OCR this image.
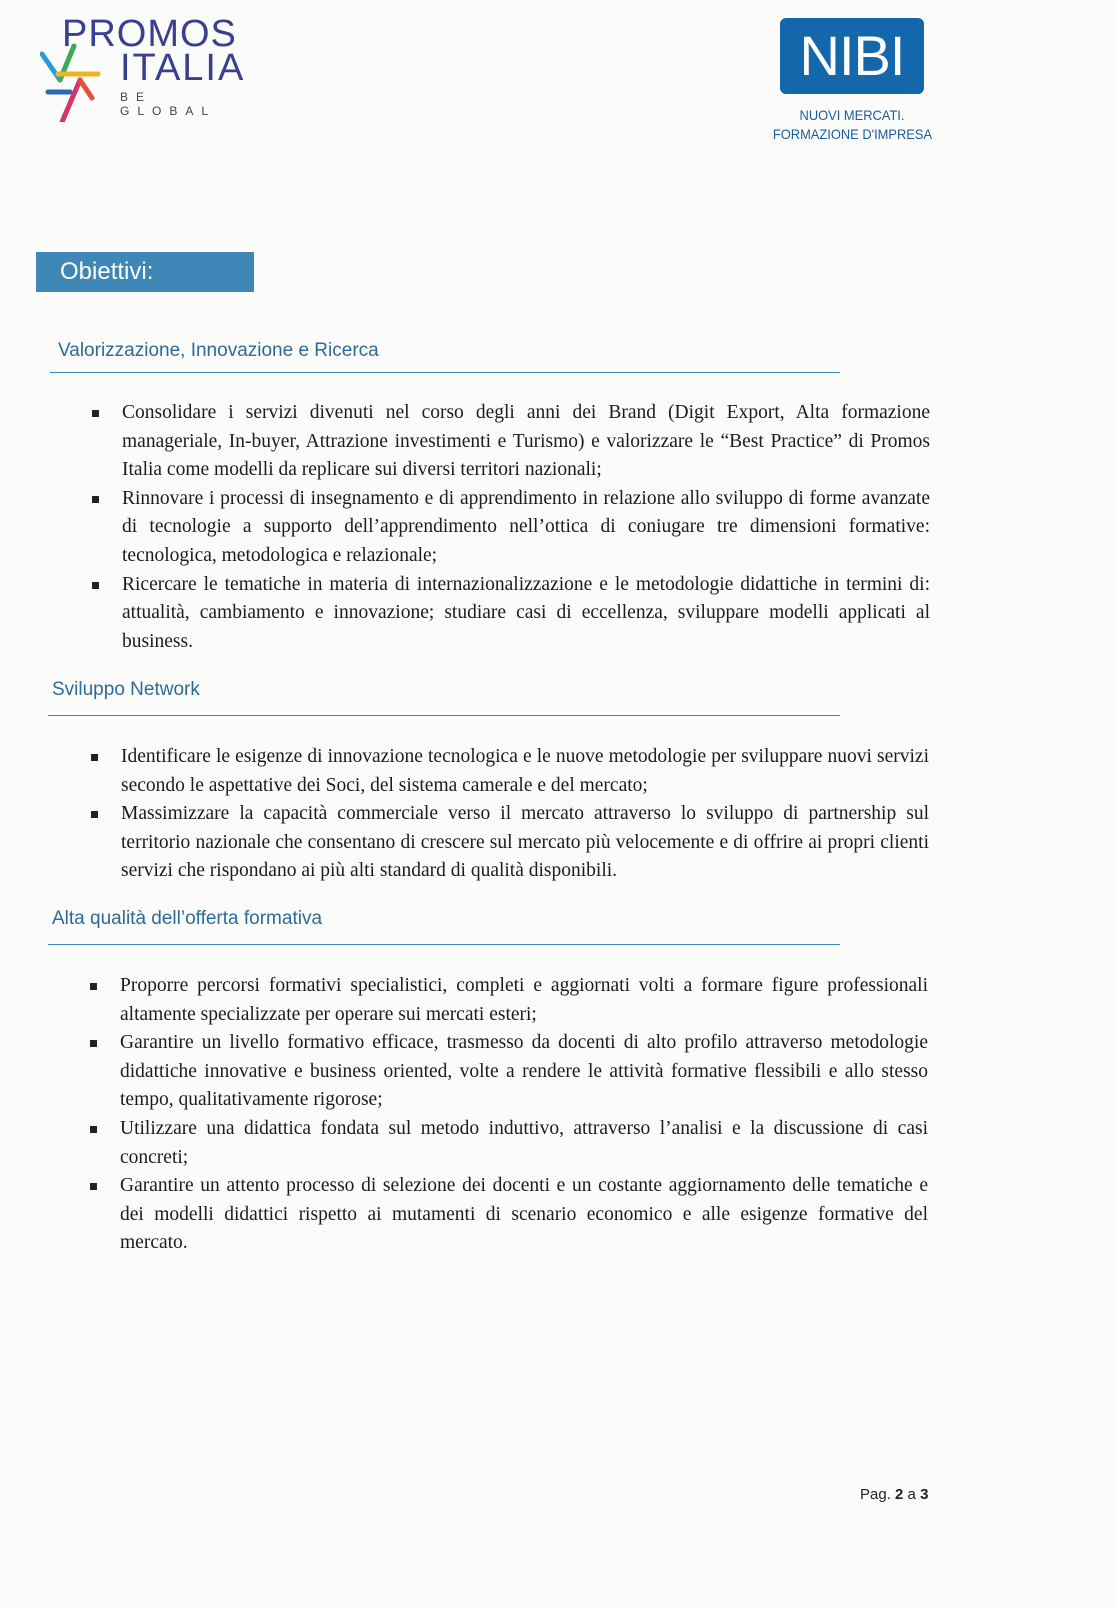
PROMOS
ITALIA
BE GLOBAL
NIBI
NUOVI MERCATI.
FORMAZIONE D'IMPRESA
Obiettivi:
Valorizzazione, Innovazione e Ricerca
Consolidare i servizi divenuti nel corso degli anni dei Brand (Digit Export, Alta formazione manageriale, In-buyer, Attrazione investimenti e Turismo) e valorizzare le “Best Practice” di Promos Italia come modelli da replicare sui diversi territori nazionali;
Rinnovare i processi di insegnamento e di apprendimento in relazione allo sviluppo di forme avanzate di tecnologie a supporto dell’apprendimento nell’ottica di coniugare tre dimensioni formative: tecnologica, metodologica e relazionale;
Ricercare le tematiche in materia di internazionalizzazione e le metodologie didattiche in termini di: attualità, cambiamento e innovazione; studiare casi di eccellenza, sviluppare modelli applicati al business.
Sviluppo Network
Identificare le esigenze di innovazione tecnologica e le nuove metodologie per sviluppare nuovi servizi secondo le aspettative dei Soci, del sistema camerale e del mercato;
Massimizzare la capacità commerciale verso il mercato attraverso lo sviluppo di partnership sul territorio nazionale che consentano di crescere sul mercato più velocemente e di offrire ai propri clienti servizi che rispondano ai più alti standard di qualità disponibili.
Alta qualità dell’offerta formativa
Proporre percorsi formativi specialistici, completi e aggiornati volti a formare figure professionali altamente specializzate per operare sui mercati esteri;
Garantire un livello formativo efficace, trasmesso da docenti di alto profilo attraverso metodologie didattiche innovative e business oriented, volte a rendere le attività formative flessibili e allo stesso tempo, qualitativamente rigorose;
Utilizzare una didattica fondata sul metodo induttivo, attraverso l’analisi e la discussione di casi concreti;
Garantire un attento processo di selezione dei docenti e un costante aggiornamento delle tematiche e dei modelli didattici rispetto ai mutamenti di scenario economico e alle esigenze formative del mercato.
Pag. 2 a 3
